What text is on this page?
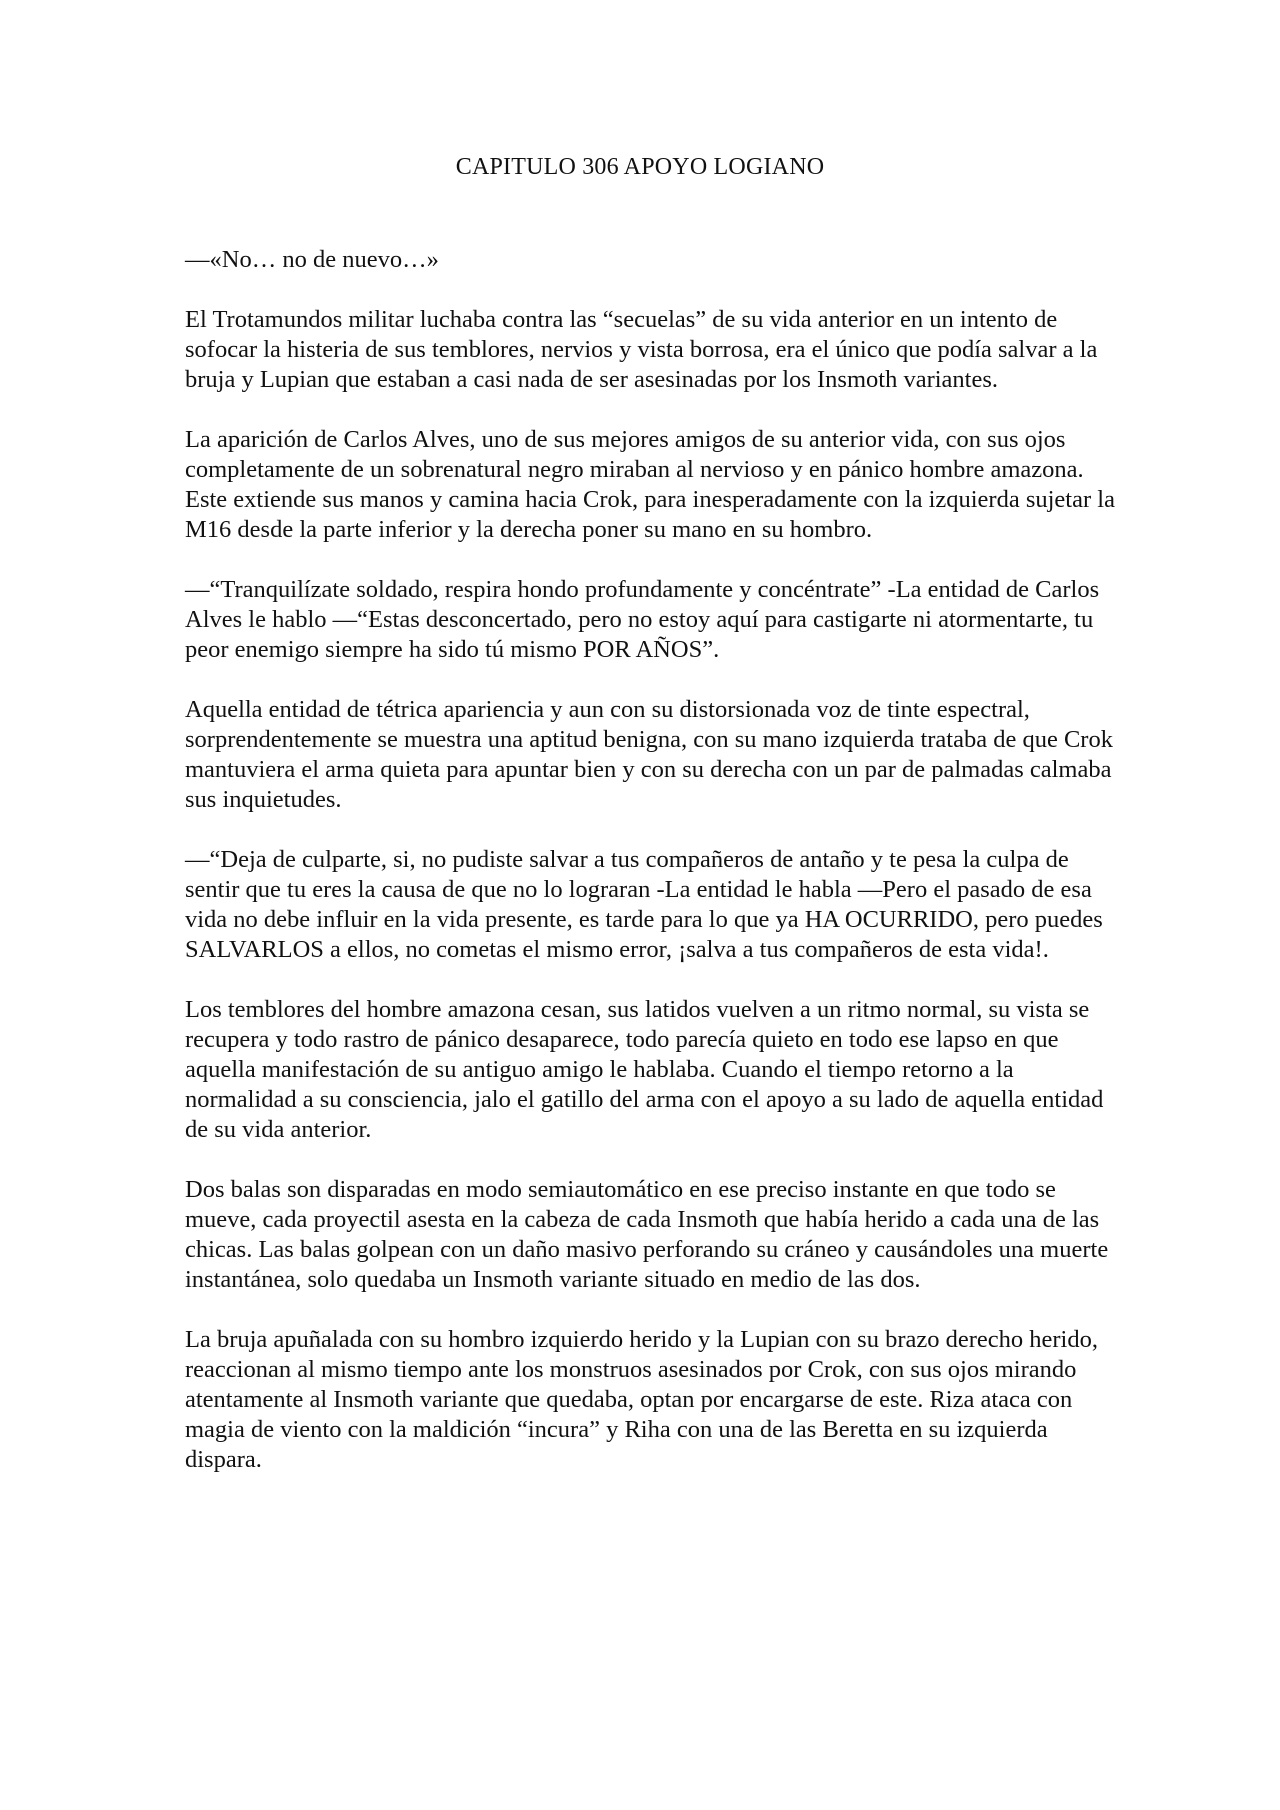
CAPITULO 306 APOYO LOGIANO

—«No… no de nuevo…»

El Trotamundos militar luchaba contra las “secuelas” de su vida anterior en un intento de sofocar la histeria de sus temblores, nervios y vista borrosa, era el único que podía salvar a la bruja y Lupian que estaban a casi nada de ser asesinadas por los Insmoth variantes.

La aparición de Carlos Alves, uno de sus mejores amigos de su anterior vida, con sus ojos completamente de un sobrenatural negro miraban al nervioso y en pánico hombre amazona. Este extiende sus manos y camina hacia Crok, para inesperadamente con la izquierda sujetar la M16 desde la parte inferior y la derecha poner su mano en su hombro.

—“Tranquilízate soldado, respira hondo profundamente y concéntrate” -La entidad de Carlos Alves le hablo —“Estas desconcertado, pero no estoy aquí para castigarte ni atormentarte, tu peor enemigo siempre ha sido tú mismo POR AÑOS”.

Aquella entidad de tétrica apariencia y aun con su distorsionada voz de tinte espectral, sorprendentemente se muestra una aptitud benigna, con su mano izquierda trataba de que Crok mantuviera el arma quieta para apuntar bien y con su derecha con un par de palmadas calmaba sus inquietudes.

—“Deja de culparte, si, no pudiste salvar a tus compañeros de antaño y te pesa la culpa de sentir que tu eres la causa de que no lo lograran -La entidad le habla —Pero el pasado de esa vida no debe influir en la vida presente, es tarde para lo que ya HA OCURRIDO, pero puedes SALVARLOS a ellos, no cometas el mismo error, ¡salva a tus compañeros de esta vida!.

Los temblores del hombre amazona cesan, sus latidos vuelven a un ritmo normal, su vista se recupera y todo rastro de pánico desaparece, todo parecía quieto en todo ese lapso en que aquella manifestación de su antiguo amigo le hablaba. Cuando el tiempo retorno a la normalidad a su consciencia, jalo el gatillo del arma con el apoyo a su lado de aquella entidad de su vida anterior.

Dos balas son disparadas en modo semiautomático en ese preciso instante en que todo se mueve, cada proyectil asesta en la cabeza de cada Insmoth que había herido a cada una de las chicas. Las balas golpean con un daño masivo perforando su cráneo y causándoles una muerte instantánea, solo quedaba un Insmoth variante situado en medio de las dos.

La bruja apuñalada con su hombro izquierdo herido y la Lupian con su brazo derecho herido, reaccionan al mismo tiempo ante los monstruos asesinados por Crok, con sus ojos mirando atentamente al Insmoth variante que quedaba, optan por encargarse de este. Riza ataca con magia de viento con la maldición “incura” y Riha con una de las Beretta en su izquierda dispara.
